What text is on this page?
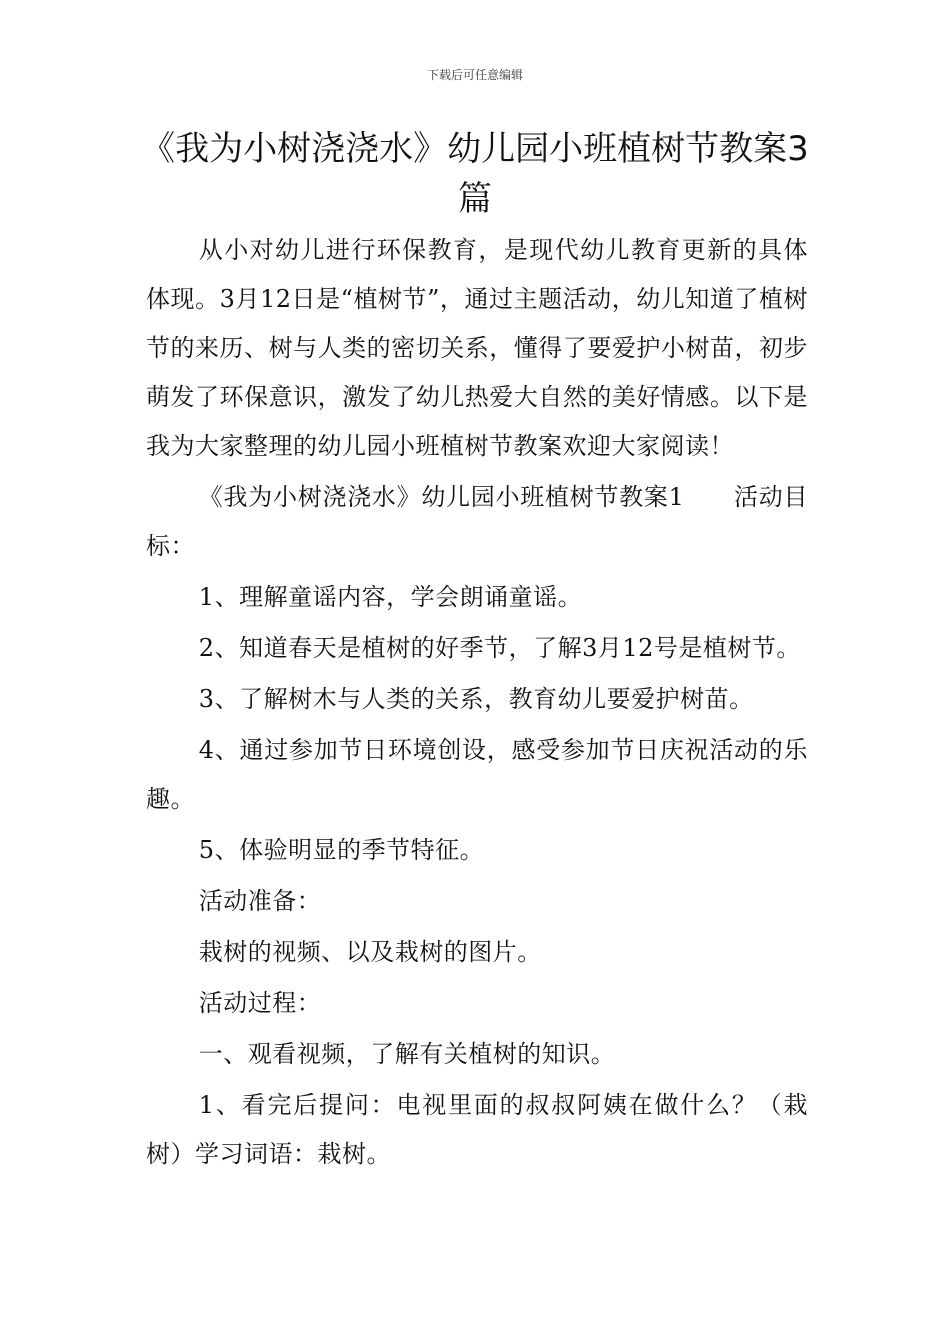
下载后可任意编辑
《我为小树浇浇水》幼儿园小班植树节教案3篇

从小对幼儿进行环保教育，是现代幼儿教育更新的具体体现。3月12日是“植树节”，通过主题活动，幼儿知道了植树节的来历、树与人类的密切关系，懂得了要爱护小树苗，初步萌发了环保意识，激发了幼儿热爱大自然的美好情感。以下是我为大家整理的幼儿园小班植树节教案欢迎大家阅读！

《我为小树浇浇水》幼儿园小班植树节教案1　　活动目标：

1、理解童谣内容，学会朗诵童谣。

2、知道春天是植树的好季节，了解3月12号是植树节。

3、了解树木与人类的关系，教育幼儿要爱护树苗。

4、通过参加节日环境创设，感受参加节日庆祝活动的乐趣。

5、体验明显的季节特征。

活动准备：

栽树的视频、以及栽树的图片。

活动过程：

一、观看视频，了解有关植树的知识。

1、看完后提问：电视里面的叔叔阿姨在做什么？（栽树）学习词语：栽树。
